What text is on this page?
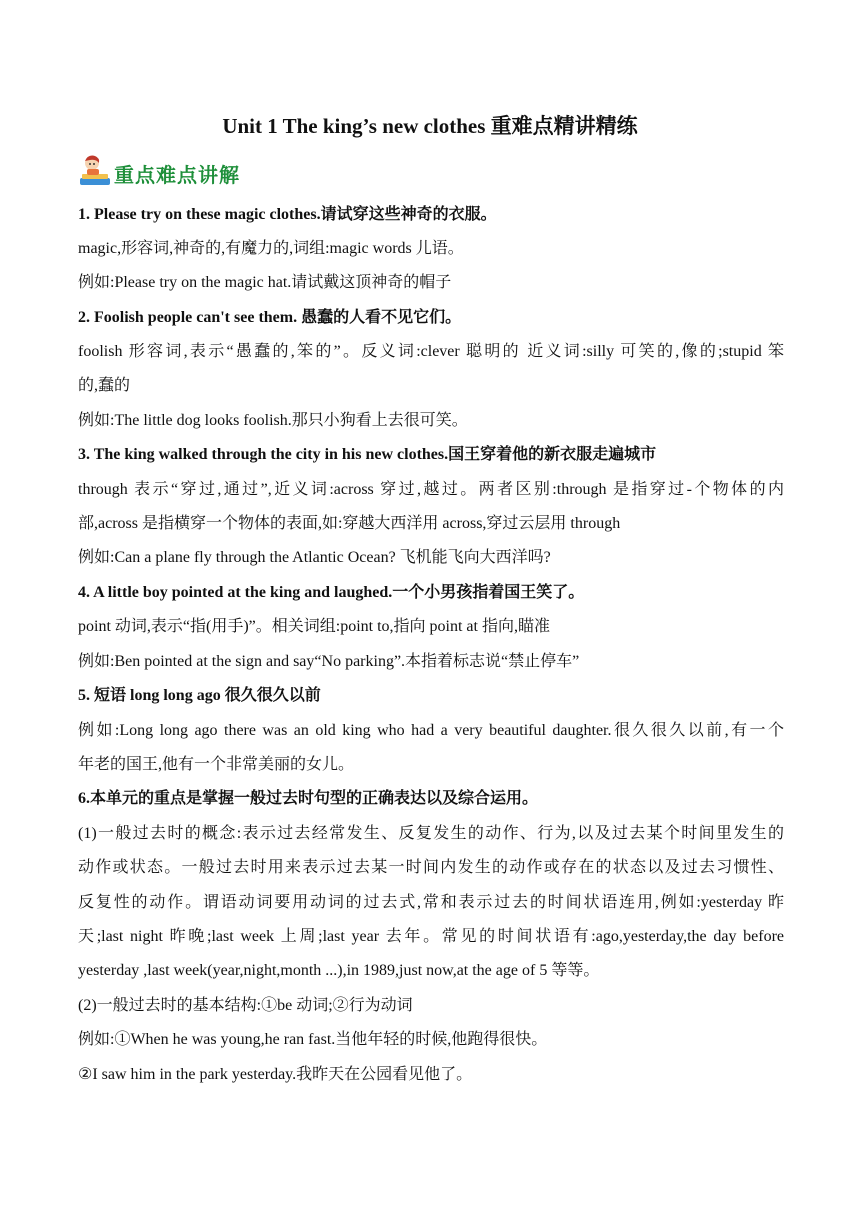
Unit 1 The king’s new clothes 重难点精讲精练
重点难点讲解
1. Please try on these magic clothes.请试穿这些神奇的衣服。
magic,形容词,神奇的,有魔力的,词组:magic words 儿语。
例如:Please try on the magic hat.请试戴这顶神奇的帽子
2. Foolish people can't see them. 愚蠢的人看不见它们。
foolish 形容词,表示“愚蠢的,笨的”。反义词:clever 聪明的 近义词:silly 可笑的,像的;stupid 笨
的,蠢的
例如:The little dog looks foolish.那只小狗看上去很可笑。
3. The king walked through the city in his new clothes.国王穿着他的新衣服走遍城市
through 表示“穿过,通过”,近义词:across 穿过,越过。两者区别:through 是指穿过-个物体的内
部,across 是指横穿一个物体的表面,如:穿越大西洋用 across,穿过云层用 through
例如:Can a plane fly through the Atlantic Ocean? 飞机能飞向大西洋吗?
4. A little boy pointed at the king and laughed.一个小男孩指着国王笑了。
point 动词,表示“指(用手)”。相关词组:point to,指向 point at 指向,瞄准
例如:Ben pointed at the sign and say“No parking”.本指着标志说“禁止停车”
5. 短语 long long ago 很久很久以前
例如:Long long ago there was an old king who had a very beautiful daughter.很久很久以前,有一个
年老的国王,他有一个非常美丽的女儿。
6.本单元的重点是掌握一般过去时句型的正确表达以及综合运用。
(1)一般过去时的概念:表示过去经常发生、反复发生的动作、行为,以及过去某个时间里发生的
动作或状态。一般过去时用来表示过去某一时间内发生的动作或存在的状态以及过去习惯性、
反复性的动作。谓语动词要用动词的过去式,常和表示过去的时间状语连用,例如:yesterday 昨
天;last night 昨晚;last week 上周;last year 去年。常见的时间状语有:ago,yesterday,the day before
yesterday ,last week(year,night,month ...),in 1989,just now,at the age of 5 等等。
(2)一般过去时的基本结构:①be 动词;②行为动词
例如:①When he was young,he ran fast.当他年轻的时候,他跑得很快。
②I saw him in the park yesterday.我昨天在公园看见他了。
